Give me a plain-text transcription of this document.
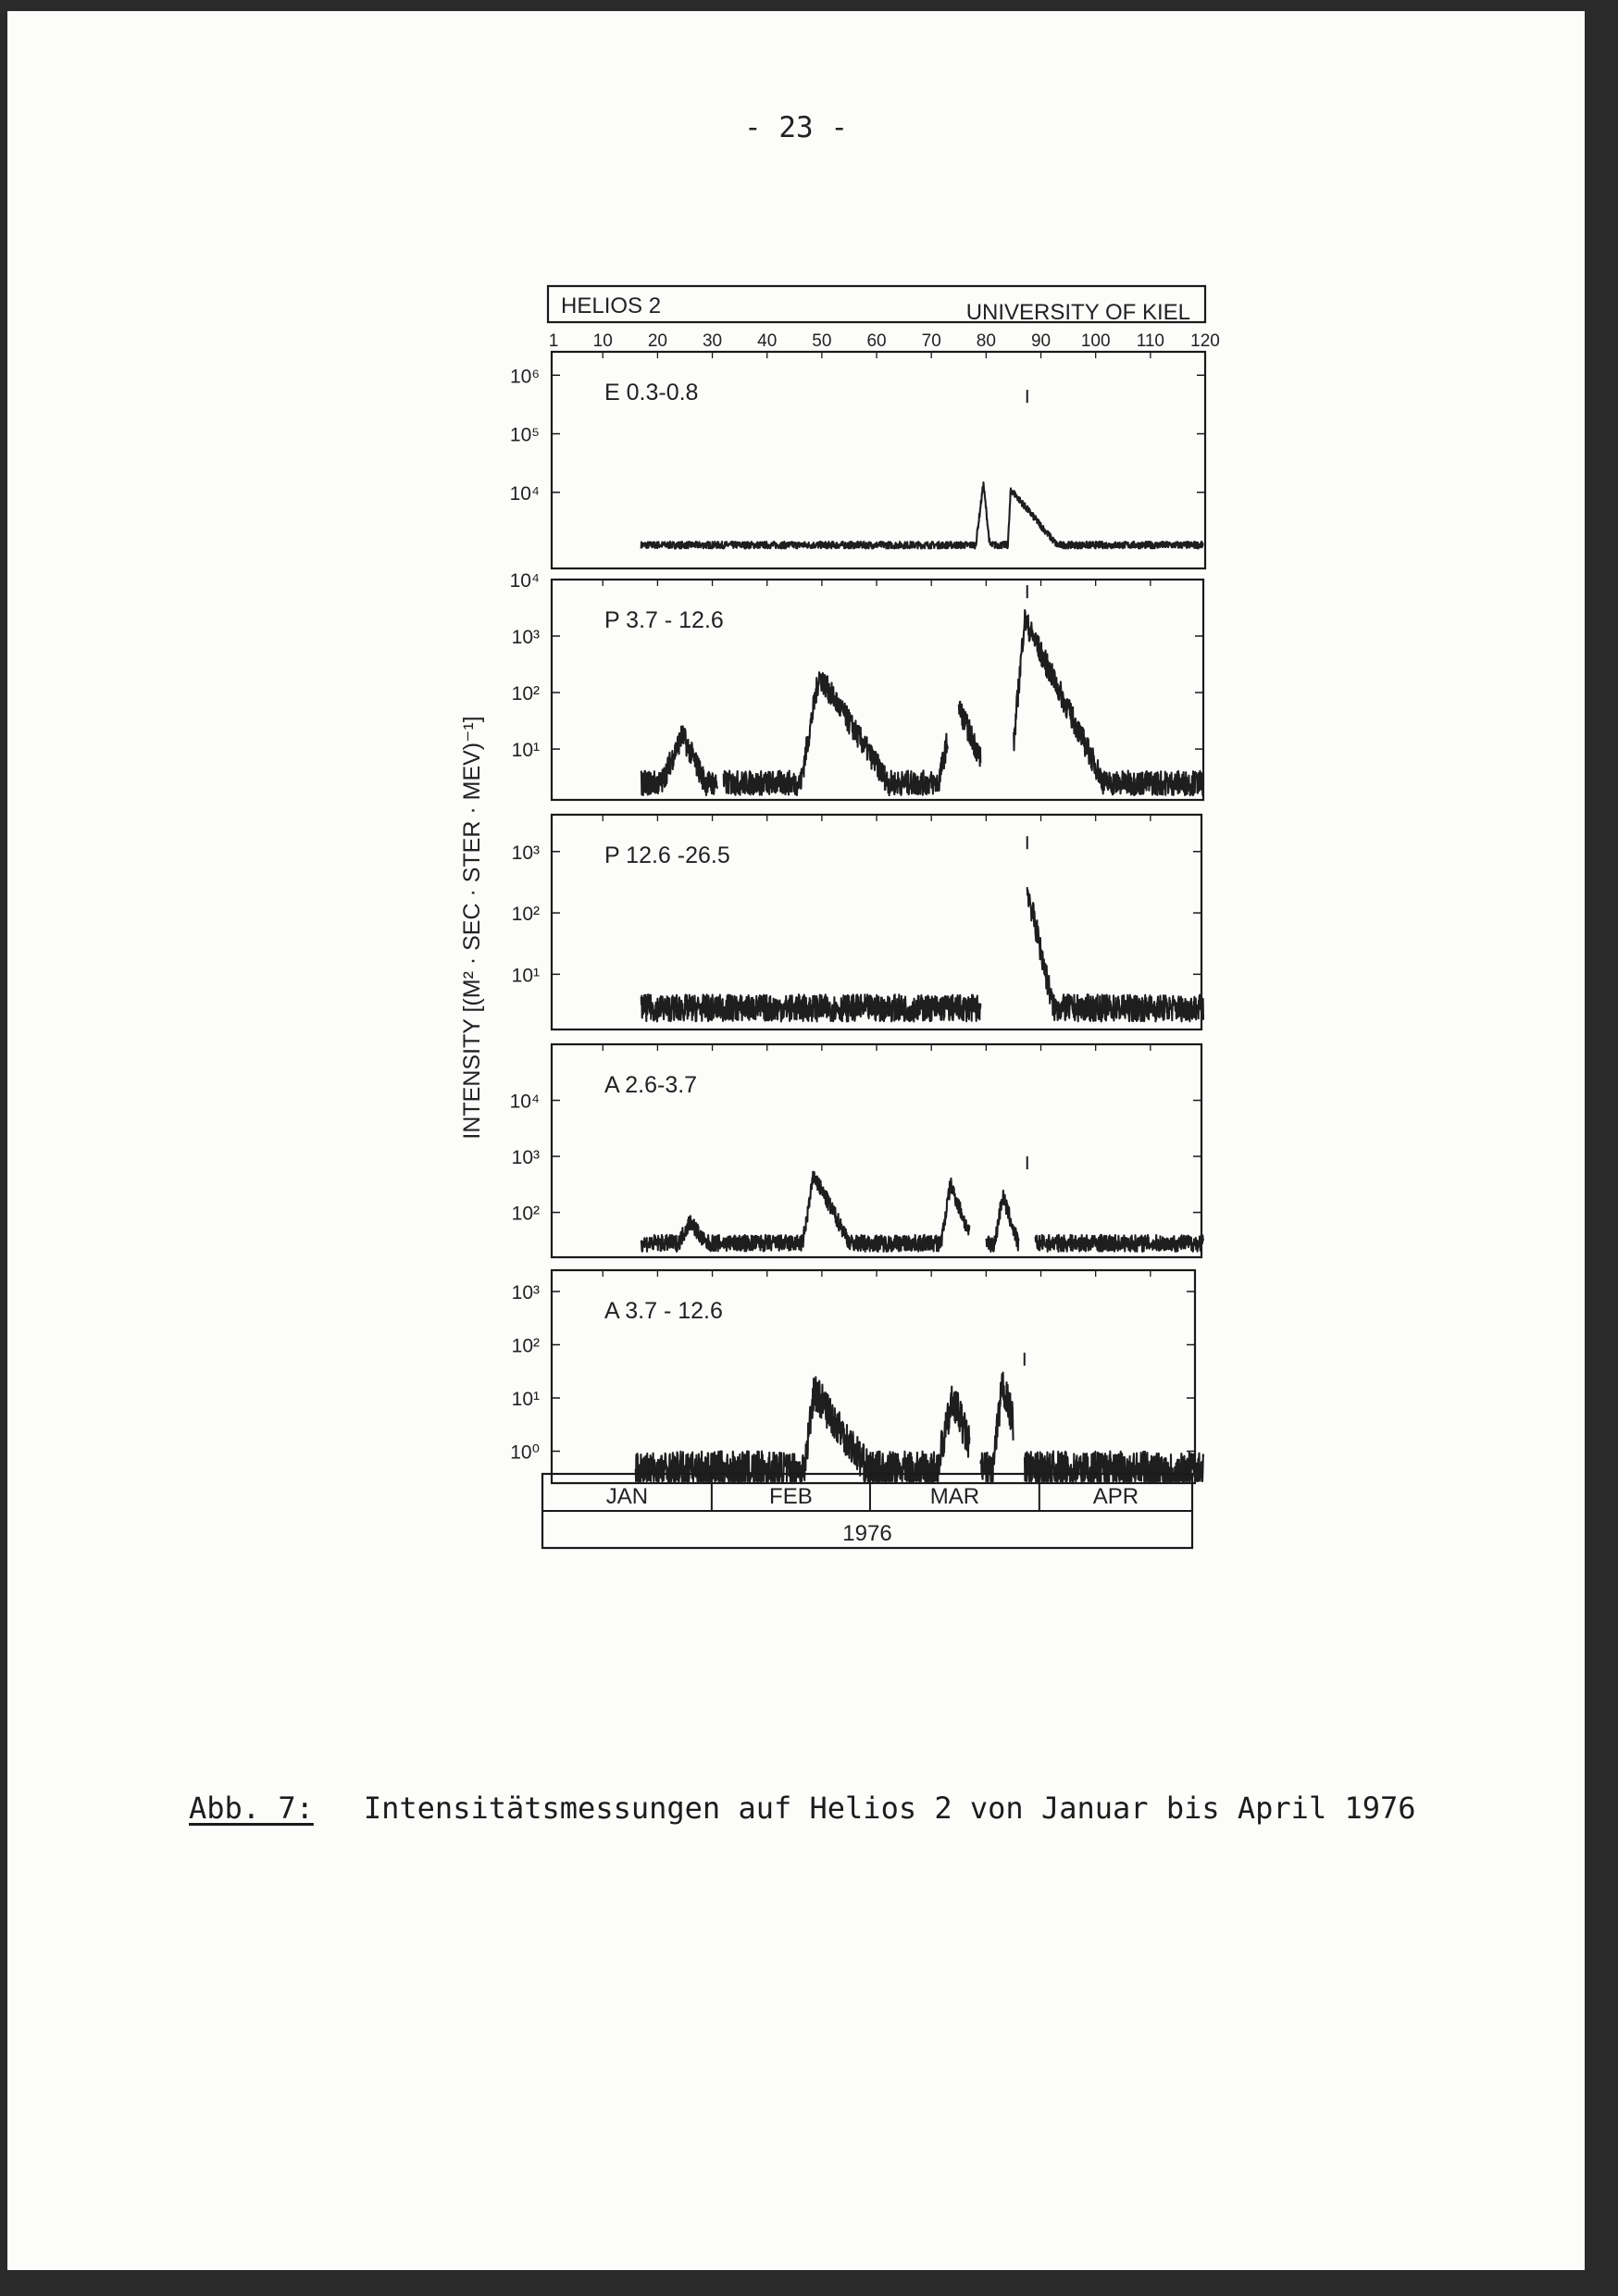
- 23 -
HELIOS 2	UNIVERSITY OF KIEL
1 10 20 30 40 50 60 70 80 90 100 110 120
INTENSITY [(M² · SEC · STER · MEV)⁻¹]
10⁴
10⁵
10⁶
E 0.3-0.8
10¹
10²
10³
10⁴
P 3.7 - 12.6
10¹
10²
10³	P 12.6 -26.5
10²
10³
10⁴
A 2.6-3.7
10⁰
10¹
10²
10³
A 3.7 - 12.6
JAN	FEB	MAR	APR
1976
Abb. 7: Intensitätsmessungen auf Helios 2 von Januar bis April 1976
